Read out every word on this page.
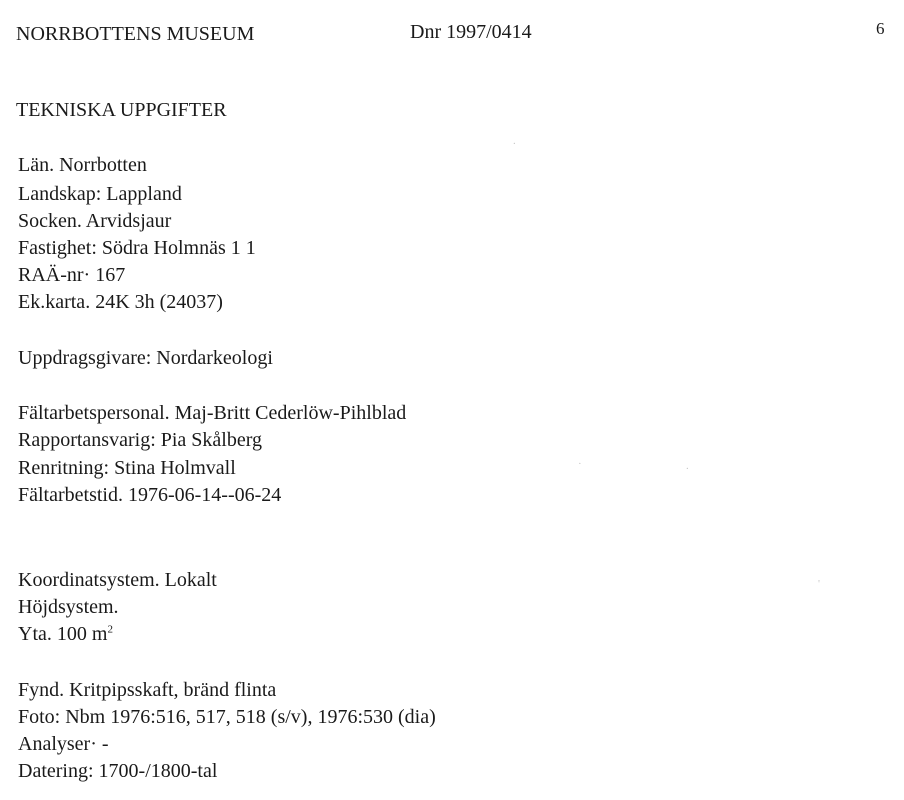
NORRBOTTENS MUSEUM	Dnr 1997/0414	6
TEKNISKA UPPGIFTER
Län. Norrbotten
Landskap: Lappland
Socken. Arvidsjaur
Fastighet: Södra Holmnäs 1 1
RAÄ-nr· 167
Ek.karta. 24K 3h (24037)
Uppdragsgivare: Nordarkeologi
Fältarbetspersonal. Maj-Britt Cederlöw-Pihlblad
Rapportansvarig: Pia Skålberg
Renritning: Stina Holmvall
Fältarbetstid. 1976-06-14--06-24
Koordinatsystem. Lokalt
Höjdsystem.
Yta. 100 $m^2$
Fynd. Kritpipsskaft, bränd flinta
Foto: Nbm 1976:516, 517, 518 (s/v), 1976:530 (dia)
Analyser· -
Datering: 1700-/1800-tal
.
·	.
'
